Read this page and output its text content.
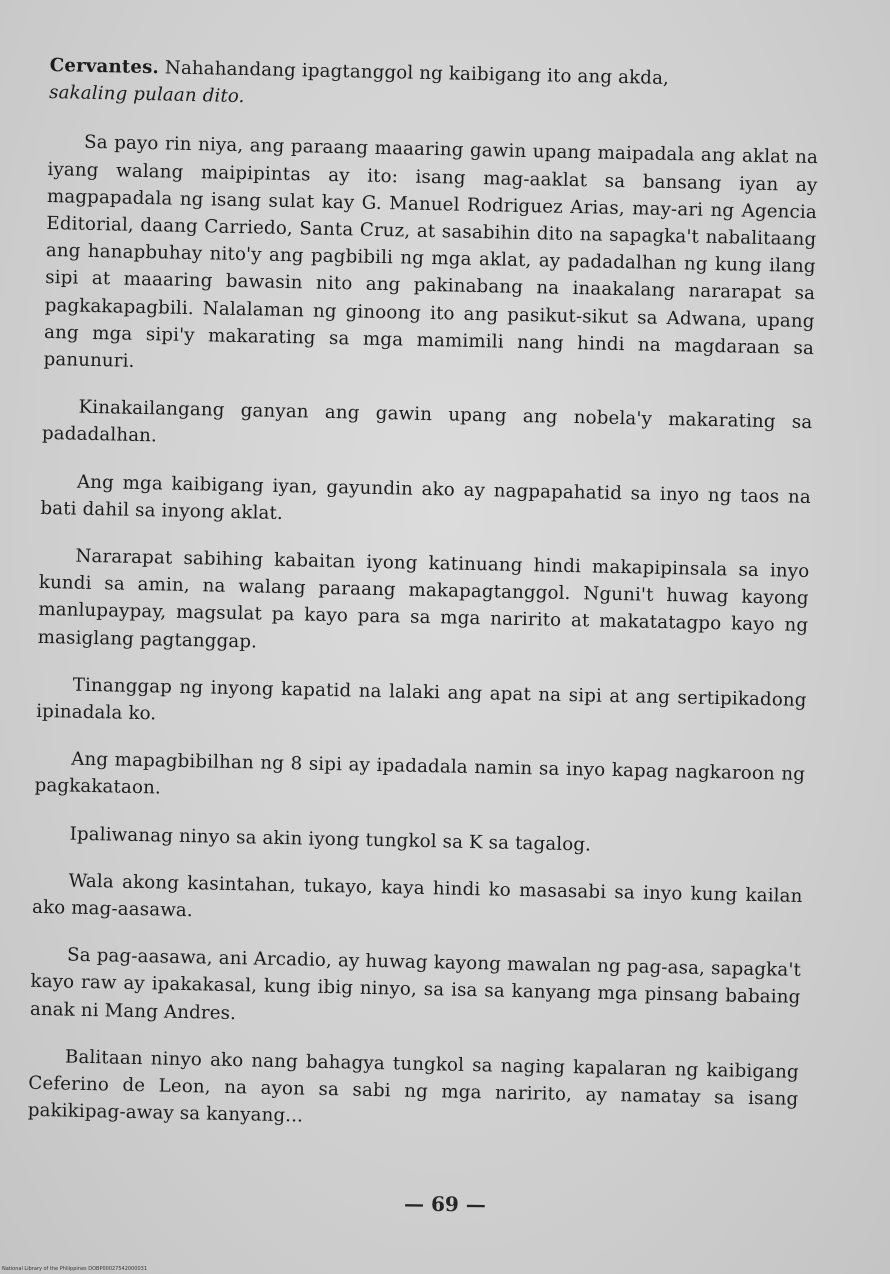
Cervantes. Nahahandang ipagtanggol ng kaibigang ito ang akda,
sakaling pulaan dito.

Sa payo rin niya, ang paraang maaaring gawin upang maipadala ang aklat na iyang walang maipipintas ay ito: isang mag-aaklat sa bansang iyan ay magpapadala ng isang sulat kay G. Manuel Rodriguez Arias, may-ari ng Agencia Editorial, daang Carriedo, Santa Cruz, at sasabihin dito na sapagka't nabalitaang ang hanapbuhay nito'y ang pagbibili ng mga aklat, ay padadalhan ng kung ilang sipi at maaaring bawasin nito ang pakinabang na inaakalang nararapat sa pagkakapagbili. Nalalaman ng ginoong ito ang pasikut-sikut sa Adwana, upang ang mga sipi'y makarating sa mga mamimili nang hindi na magdaraan sa panunuri.

Kinakailangang ganyan ang gawin upang ang nobela'y makarating sa padadalhan.

Ang mga kaibigang iyan, gayundin ako ay nagpapahatid sa inyo ng taos na bati dahil sa inyong aklat.

Nararapat sabihing kabaitan iyong katinuang hindi makapipinsala sa inyo kundi sa amin, na walang paraang makapagtanggol. Nguni't huwag kayong manlupaypay, magsulat pa kayo para sa mga naririto at makatatagpo kayo ng masiglang pagtanggap.

Tinanggap ng inyong kapatid na lalaki ang apat na sipi at ang sertipikadong ipinadala ko.

Ang mapagbibilhan ng 8 sipi ay ipadadala namin sa inyo kapag nagkaroon ng pagkakataon.

Ipaliwanag ninyo sa akin iyong tungkol sa K sa tagalog.

Wala akong kasintahan, tukayo, kaya hindi ko masasabi sa inyo kung kailan ako mag-aasawa.

Sa pag-aasawa, ani Arcadio, ay huwag kayong mawalan ng pag-asa, sapagka't kayo raw ay ipakakasal, kung ibig ninyo, sa isa sa kanyang mga pinsang babaing anak ni Mang Andres.

Balitaan ninyo ako nang bahagya tungkol sa naging kapalaran ng kaibigang Ceferino de Leon, na ayon sa sabi ng mga naririto, ay namatay sa isang pakikipag-away sa kanyang...

— 69 —
National Library of the Philippines DOBP00027542000031
